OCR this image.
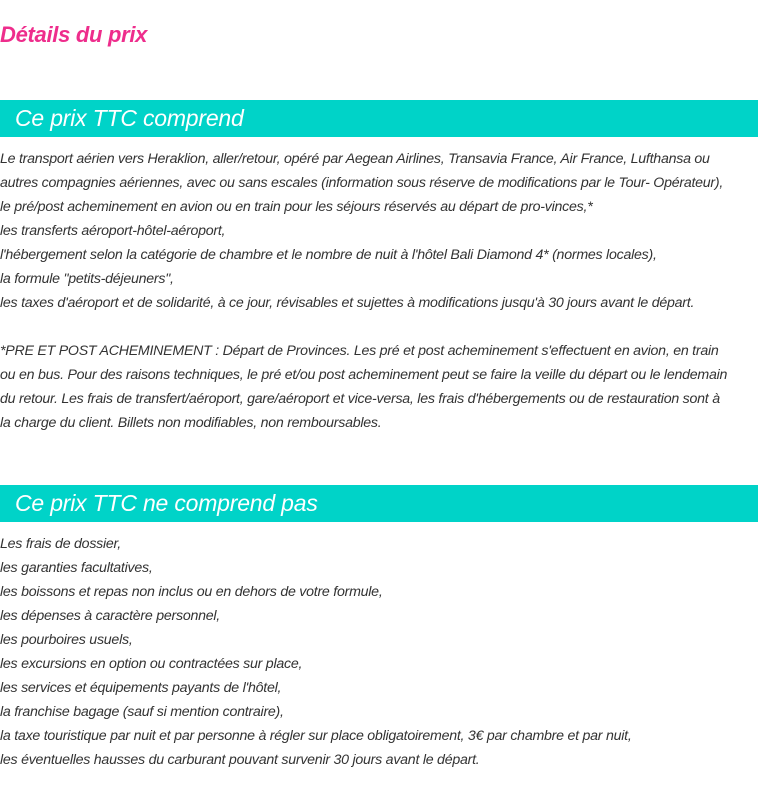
Détails du prix
Ce prix TTC comprend

Le transport aérien vers Heraklion, aller/retour, opéré par Aegean Airlines, Transavia France, Air France, Lufthansa ou
autres compagnies aériennes, avec ou sans escales (information sous réserve de modifications par le Tour- Opérateur),
le pré/post acheminement en avion ou en train pour les séjours réservés au départ de pro-vinces,*
les transferts aéroport-hôtel-aéroport,
l'hébergement selon la catégorie de chambre et le nombre de nuit à l'hôtel Bali Diamond 4* (normes locales),
la formule "petits-déjeuners",
les taxes d'aéroport et de solidarité, à ce jour, révisables et sujettes à modifications jusqu'à 30 jours avant le départ.

*PRE ET POST ACHEMINEMENT : Départ de Provinces. Les pré et post acheminement s'effectuent en avion, en train
ou en bus. Pour des raisons techniques, le pré et/ou post acheminement peut se faire la veille du départ ou le lendemain
du retour. Les frais de transfert/aéroport, gare/aéroport et vice-versa, les frais d'hébergements ou de restauration sont à
la charge du client. Billets non modifiables, non remboursables.

Ce prix TTC ne comprend pas

Les frais de dossier,
les garanties facultatives,
les boissons et repas non inclus ou en dehors de votre formule,
les dépenses à caractère personnel,
les pourboires usuels,
les excursions en option ou contractées sur place,
les services et équipements payants de l'hôtel,
la franchise bagage (sauf si mention contraire),
la taxe touristique par nuit et par personne à régler sur place obligatoirement, 3€ par chambre et par nuit,
les éventuelles hausses du carburant pouvant survenir 30 jours avant le départ.
